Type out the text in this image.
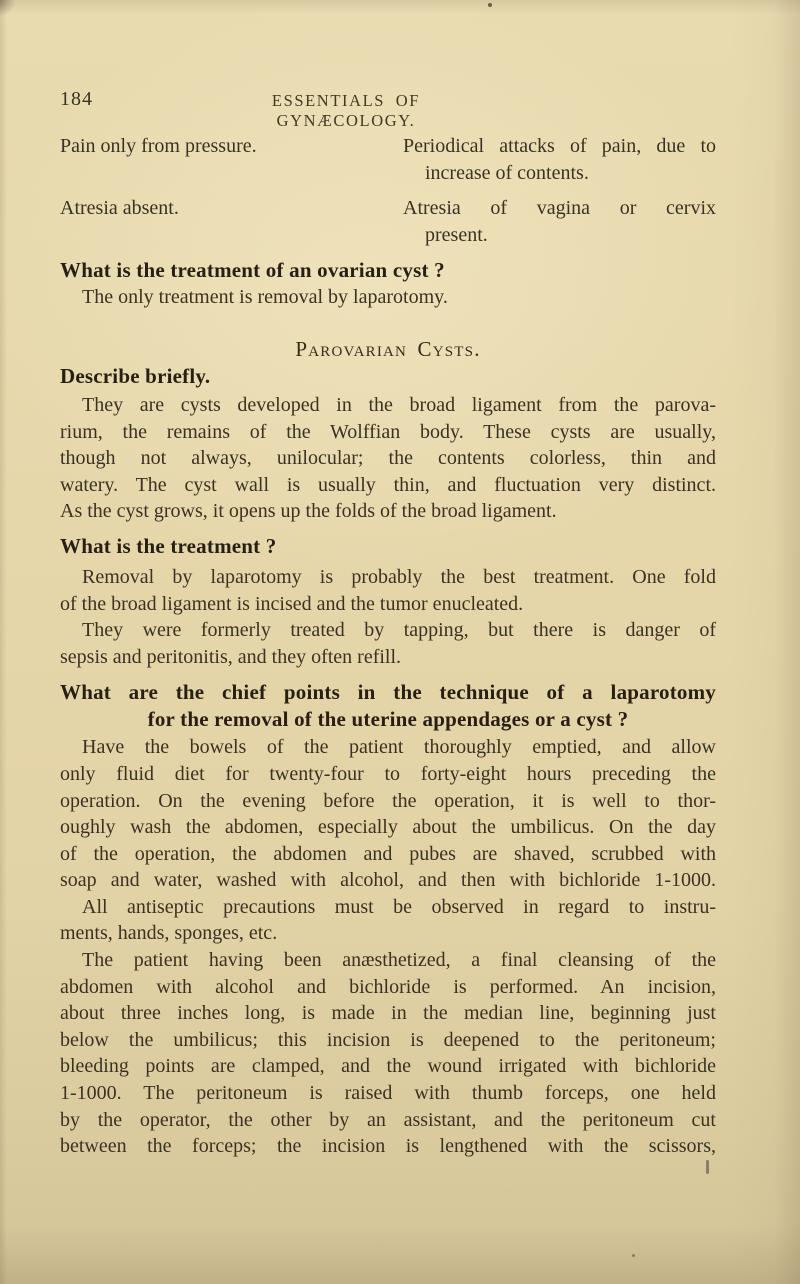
184	ESSENTIALS OF GYNÆCOLOGY.
Pain only from pressure.	Periodical attacks of pain, due to
increase of contents.
Atresia absent.	Atresia of vagina or cervix
present.
What is the treatment of an ovarian cyst ?

The only treatment is removal by laparotomy.

Parovarian Cysts.
Describe briefly.
They are cysts developed in the broad ligament from the parova-
rium, the remains of the Wolffian body. These cysts are usually,
though not always, unilocular; the contents colorless, thin and
watery. The cyst wall is usually thin, and fluctuation very distinct.
As the cyst grows, it opens up the folds of the broad ligament.
What is the treatment ?
Removal by laparotomy is probably the best treatment. One fold
of the broad ligament is incised and the tumor enucleated.
They were formerly treated by tapping, but there is danger of
sepsis and peritonitis, and they often refill.
What are the chief points in the technique of a laparotomy
for the removal of the uterine appendages or a cyst ?
Have the bowels of the patient thoroughly emptied, and allow
only fluid diet for twenty-four to forty-eight hours preceding the
operation. On the evening before the operation, it is well to thor-
oughly wash the abdomen, especially about the umbilicus. On the day
of the operation, the abdomen and pubes are shaved, scrubbed with
soap and water, washed with alcohol, and then with bichloride 1-1000.
All antiseptic precautions must be observed in regard to instru-
ments, hands, sponges, etc.
The patient having been anæsthetized, a final cleansing of the
abdomen with alcohol and bichloride is performed. An incision,
about three inches long, is made in the median line, beginning just
below the umbilicus; this incision is deepened to the peritoneum;
bleeding points are clamped, and the wound irrigated with bichloride
1-1000. The peritoneum is raised with thumb forceps, one held
by the operator, the other by an assistant, and the peritoneum cut
between the forceps; the incision is lengthened with the scissors,
